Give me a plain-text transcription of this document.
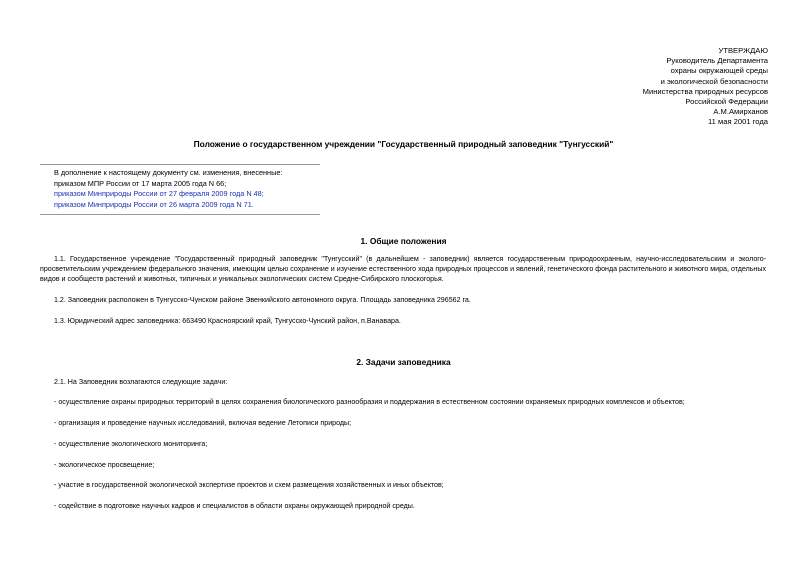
УТВЕРЖДАЮ
Руководитель Департамента
охраны окружающей среды
и экологической безопасности
Министерства природных ресурсов
Российской Федерации
А.М.Амирханов
11 мая 2001 года
Положение о государственном учреждении "Государственный природный заповедник "Тунгусский"
В дополнение к настоящему документу см. изменения, внесенные:
приказом МПР России от 17 марта 2005 года N 66;
приказом Минприроды России от 27 февраля 2009 года N 48;
приказом Минприроды России от 26 марта 2009 года N 71.
1. Общие положения
1.1. Государственное учреждение "Государственный природный заповедник "Тунгусский" (в дальнейшем - заповедник) является государственным природоохранным, научно-исследовательским и эколого-просветительским учреждением федерального значения, имеющим целью сохранение и изучение естественного хода природных процессов и явлений, генетического фонда растительного и животного мира, отдельных видов и сообществ растений и животных, типичных и уникальных экологических систем Средне-Сибирского плоскогорья.
1.2. Заповедник расположен в Тунгусско-Чунском районе Эвенкийского автономного округа. Площадь заповедника 296562 га.
1.3. Юридический адрес заповедника: 663490 Красноярский край, Тунгусско-Чунский район, п.Ванавара.
2. Задачи заповедника
2.1. На Заповедник возлагаются следующие задачи:
- осуществление охраны природных территорий в целях сохранения биологического разнообразия и поддержания в естественном состоянии охраняемых природных комплексов и объектов;
- организация и проведение научных исследований, включая ведение Летописи природы;
- осуществление экологического мониторинга;
- экологическое просвещение;
- участие в государственной экологической экспертизе проектов и схем размещения хозяйственных и иных объектов;
- содействие в подготовке научных кадров и специалистов в области охраны окружающей природной среды.
